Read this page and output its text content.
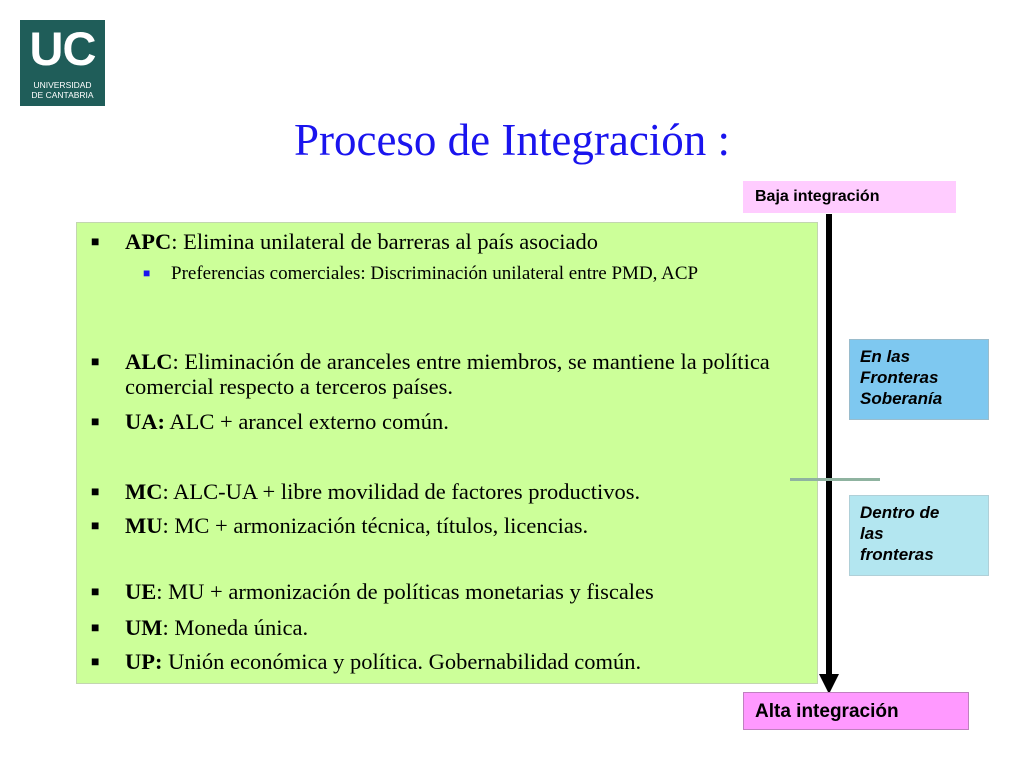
UC
UNIVERSIDAD
DE CANTABRIA
Proceso de Integración :
■ APC: Elimina unilateral de barreras al país asociado
■ Preferencias comerciales: Discriminación unilateral entre PMD, ACP
■ ALC: Eliminación de aranceles entre miembros, se mantiene la política comercial respecto a terceros países.
■ UA: ALC + arancel externo común.
■ MC: ALC-UA + libre movilidad de factores productivos.
■ MU: MC + armonización técnica, títulos, licencias.
■ UE: MU + armonización de políticas monetarias y fiscales
■ UM: Moneda única.
■ UP: Unión económica y política. Gobernabilidad común.
Baja integración
En las
Fronteras
Soberanía
Dentro de
las
fronteras
Alta integración
